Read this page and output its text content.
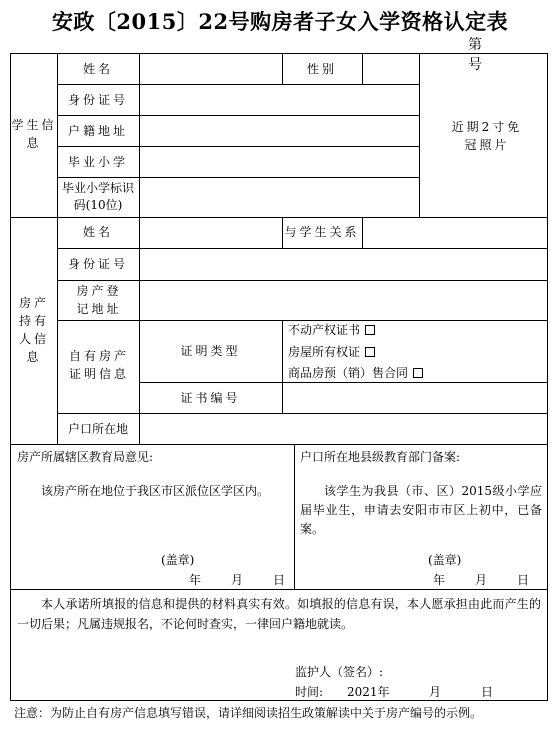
安政〔2015〕22号购房者子女入学资格认定表
第号
学生信息
姓名	性别
身份证号
户籍地址
毕业小学
毕业小学标识码(10位)
近期2寸免冠照片
房产持有人信息
姓名	与学生关系
身份证号
房产登记地址
自有房产证明信息
证明类型
不动产权证书
房屋所有权证
商品房预（销）售合同
证书编号
户口所在地
房产所属辖区教育局意见:
该房产所在地位于我区市区派位区学区内。
(盖章)
年月日
户口所在地县级教育部门备案:
该学生为我县（市、区）2015级小学应届毕业生，申请去安阳市市区上初中，已备案。
(盖章)
年月日
本人承诺所填报的信息和提供的材料真实有效。如填报的信息有误，本人愿承担由此而产生的一切后果；凡属违规报名，不论何时查实，一律回户籍地就读。
监护人（签名）:
时间: 2021年	月日
注意：为防止自有房产信息填写错误，请详细阅读招生政策解读中关于房产编号的示例。
